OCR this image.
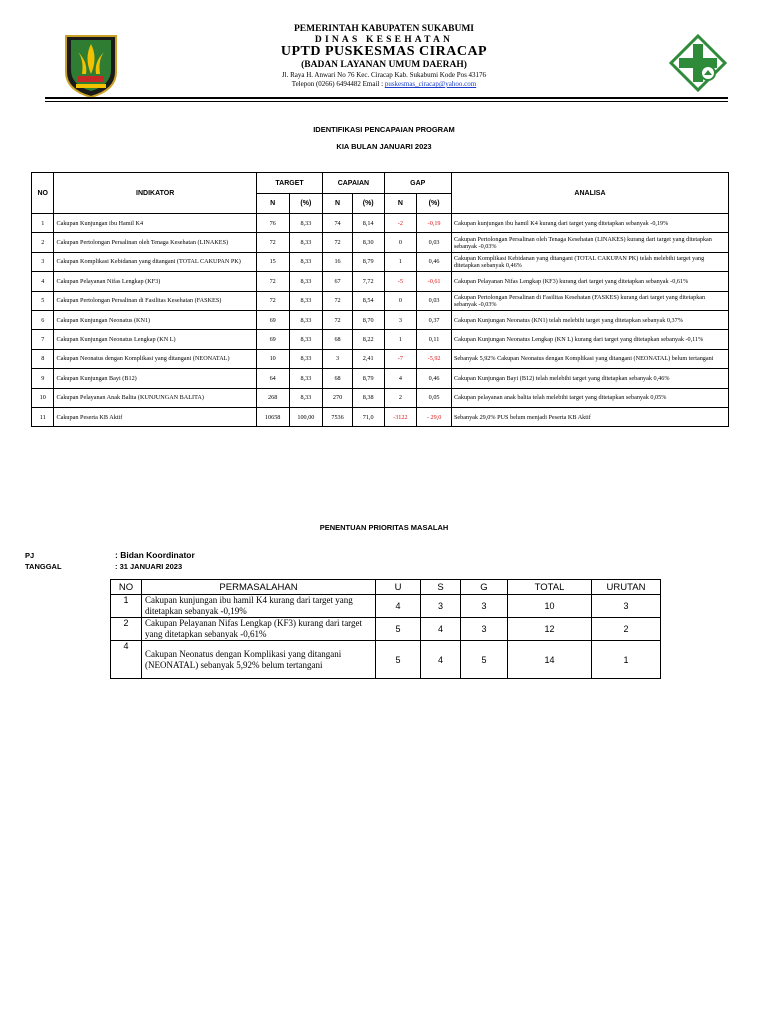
PEMERINTAH KABUPATEN SUKABUMI
DINAS KESEHATAN
UPTD PUSKESMAS CIRACAP
(BADAN LAYANAN UMUM DAERAH)
Jl. Raya H. Anwari No 76 Kec. Ciracap Kab. Sukabumi Kode Pos 43176
Telepon (0266) 6494482 Email : puskesmas_ciracap@yahoo.com
IDENTIFIKASI PENCAPAIAN PROGRAM
KIA BULAN JANUARI 2023
NO	INDIKATOR	TARGET		CAPAIAN		GAP		ANALISA
		N	(%)	N	(%)	N	(%)	
1	Cakupan Kunjungan ibu Hamil K4	76	8,33	74	8,14	-2	-0,19	Cakupan kunjungan ibu hamil K4 kurang dari target yang ditetapkan sebanyak -0,19%
2	Cakupan Pertolongan Persalinan oleh Tenaga Kesehatan (LINAKES)	72	8,33	72	8,30	0	0,03	Cakupan Pertolongan Persalinan oleh Tenaga Kesehatan (LINAKES) kurang dari target yang ditetapkan sebanyak -0,03%
3	Cakupan Komplikasi Kebidanan yang ditangani (TOTAL CAKUPAN PK)	15	8,33	16	8,79	1	0,46	Cakupan Komplikasi Kebidanan yang ditangani (TOTAL CAKUPAN PK) telah melebihi target yang ditetapkan sebanyak 0,46%
4	Cakupan Pelayanan Nifas Lengkap (KF3)	72	8,33	67	7,72	-5	-0,61	Cakupan Pelayanan Nifas Lengkap (KF3) kurang dari target yang ditetapkan sebanyak -0,61%
5	Cakupan Pertolongan Persalinan di Fasilitas Kesehatan (FASKES)	72	8,33	72	8,54	0	0,03	Cakupan Pertolongan Persalinan di Fasilitas Kesehatan (FASKES) kurang dari target yang ditetapkan sebanyak -0,03%
6	Cakupan Kunjungan Neonatus (KN1)	69	8,33	72	8,70	3	0,37	Cakupan Kunjungan Neonatus (KN1) telah melebihi target yang ditetapkan sebanyak 0,37%
7	Cakupan Kunjungan Neonatus Lengkap (KN L)	69	8,33	68	8,22	1	0,11	Cakupan Kunjungan Neonatus Lengkap (KN L) kurang dari target yang ditetapkan sebanyak -0,11%
8	Cakupan Neonatus dengan Komplikasi yang ditangani (NEONATAL)	10	8,33	3	2,41	-7	-5,92	Sebanyak 5,92% Cakupan Neonatus dengan Komplikasi yang ditangani (NEONATAL) belum tertangani
9	Cakupan Kunjungan Bayi (B12)	64	8,33	68	8,79	4	0,46	Cakupan Kunjungan Bayi (B12) telah melebihi target yang ditetapkan sebanyak 0,46%
10	Cakupan Pelayanan Anak Balita (KUNJUNGAN BALITA)	268	8,33	270	8,38	2	0,05	Cakupan pelayanan anak balita telah melebihi target yang ditetapkan sebanyak 0,05%
11	Cakupan Peserta KB Aktif	10658	100,00	7536	71,0	-3122	- 29,0	Sebanyak 29,0% PUS belum menjadi Peserta KB Aktif
PENENTUAN PRIORITAS MASALAH
PJ	: Bidan Koordinator
TANGGAL	: 31 JANUARI 2023
NO	PERMASALAHAN	U	S	G	TOTAL	URUTAN
1	Cakupan kunjungan ibu hamil K4 kurang dari target yang ditetapkan sebanyak -0,19%	4	3	3	10	3
2	Cakupan Pelayanan Nifas Lengkap (KF3) kurang dari target yang ditetapkan sebanyak -0,61%	5	4	3	12	2
4	Cakupan Neonatus dengan Komplikasi yang ditangani (NEONATAL) sebanyak 5,92% belum tertangani	5	4	5	14	1
